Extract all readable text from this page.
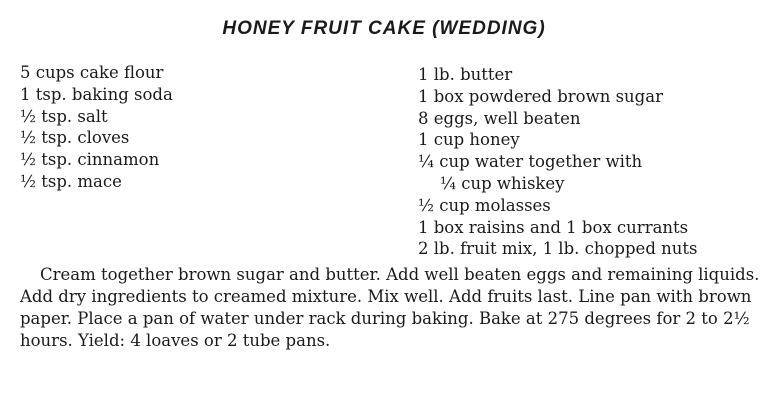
HONEY FRUIT CAKE (WEDDING)
5 cups cake flour
1 tsp. baking soda
½ tsp. salt
½ tsp. cloves
½ tsp. cinnamon
½ tsp. mace
1 lb. butter
1 box powdered brown sugar
8 eggs, well beaten
1 cup honey
¼ cup water together with
¼ cup whiskey
½ cup molasses
1 box raisins and 1 box currants
2 lb. fruit mix, 1 lb. chopped nuts
Cream together brown sugar and butter. Add well beaten eggs and remaining liquids. Add dry ingredients to creamed mixture. Mix well. Add fruits last. Line pan with brown paper. Place a pan of water under rack during baking. Bake at 275 degrees for 2 to 2½ hours. Yield: 4 loaves or 2 tube pans.
